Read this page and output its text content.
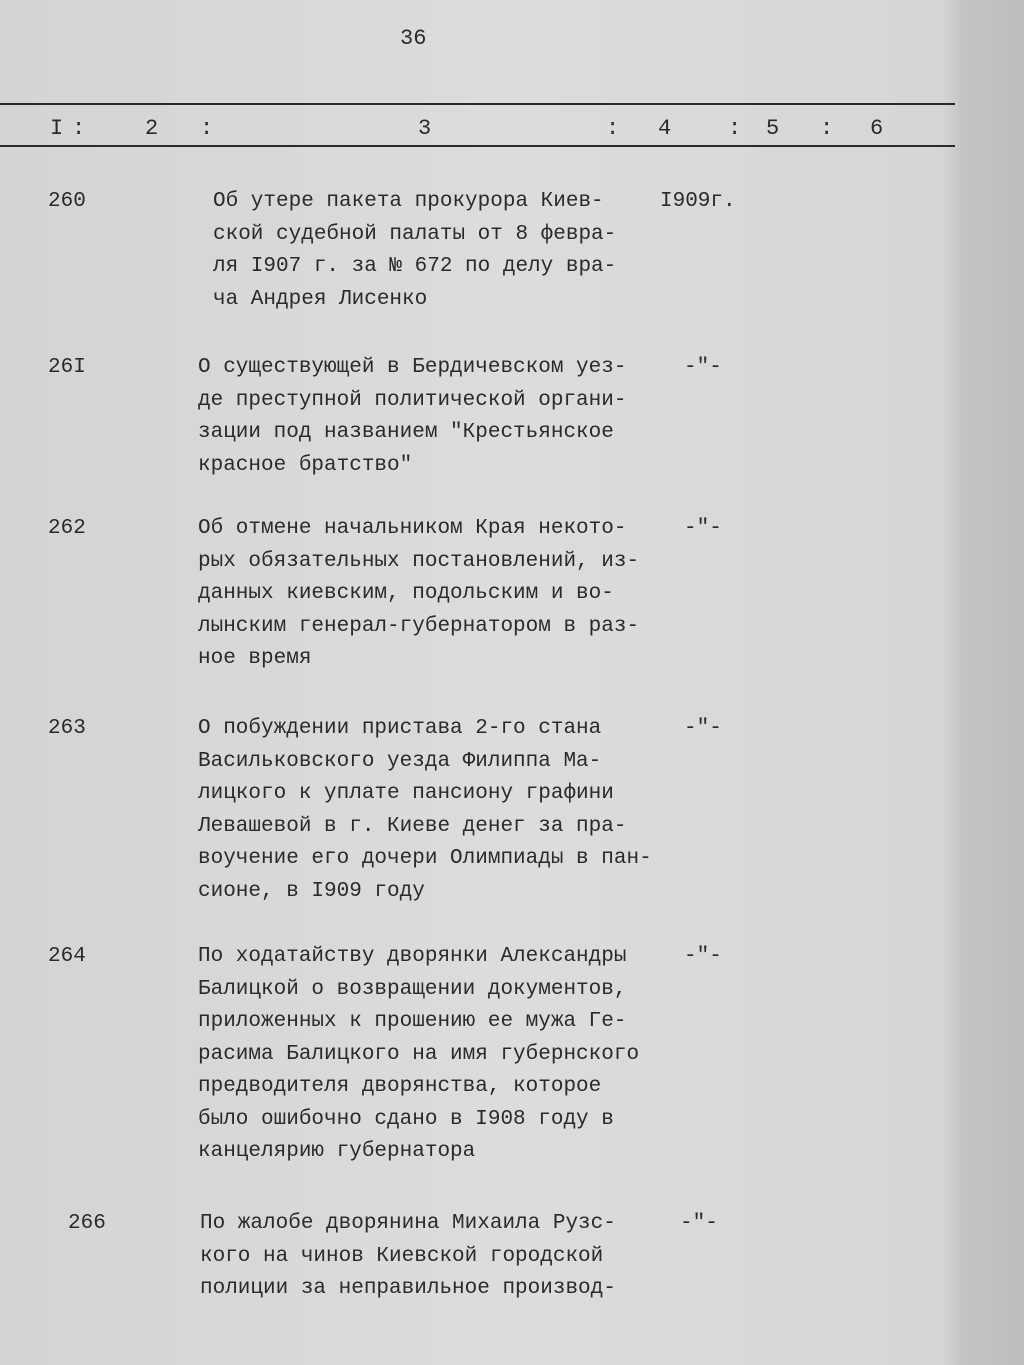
36
I :	2 :	3	: 4	: 5 : 6
260	Об утере пакета прокурора Киев-
ской судебной палаты от 8 февра-
ля I907 г. за № 672 по делу вра-
ча Андрея Лисенко
I909г.
26I	О существующей в Бердичевском уез-
де преступной политической органи-
зации под названием "Крестьянское
красное братство"
-"-
262	Об отмене начальником Края некото-
рых обязательных постановлений, из-
данных киевским, подольским и во-
лынским генерал-губернатором в раз-
ное время
-"-
263	О побуждении пристава 2-го стана
Васильковского уезда Филиппа Ма-
лицкого к уплате пансиону графини
Левашевой в г. Киеве денег за пра-
воучение его дочери Олимпиады в пан-
сионе, в I909 году
-"-
264	По ходатайству дворянки Александры
Балицкой о возвращении документов,
приложенных к прошению ее мужа Ге-
расима Балицкого на имя губернского
предводителя дворянства, которое
было ошибочно сдано в I908 году в
канцелярию губернатора
-"-
266	По жалобе дворянина Михаила Рузс-
кого на чинов Киевской городской
полиции за неправильное производ-
-"-
